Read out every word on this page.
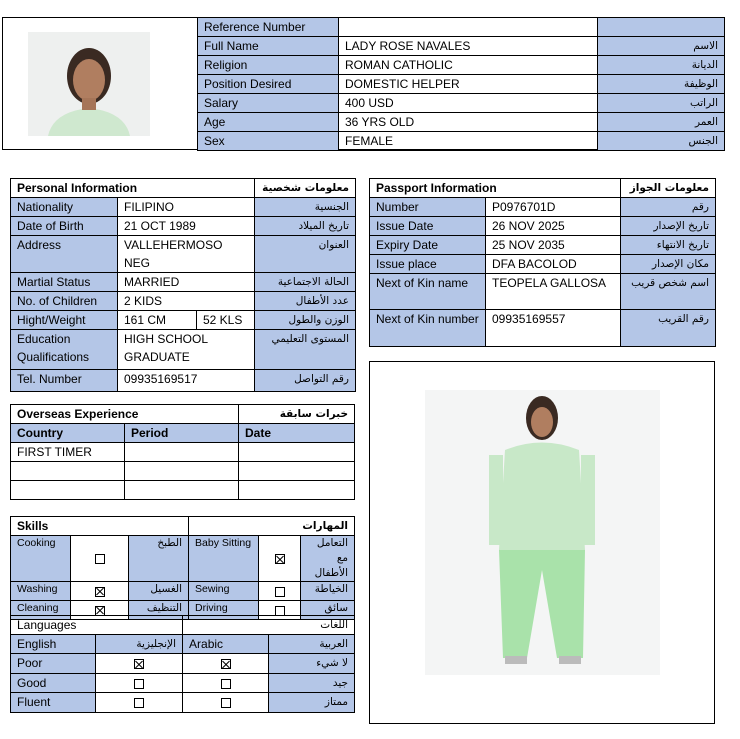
Reference Number		
Full Name	LADY ROSE NAVALES	الاسم
Religion	ROMAN CATHOLIC	الديانة
Position Desired	DOMESTIC HELPER	الوظيفة
Salary	400 USD	الراتب
Age	36 YRS OLD	العمر
Sex	FEMALE	الجنس
Personal Information			معلومات شخصية
Nationality	FILIPINO		الجنسية
Date of Birth	21 OCT 1989		تاريخ الميلاد
Address	VALLEHERMOSO NEG		العنوان
Martial Status	MARRIED		الحالة الاجتماعية
No. of Children	2 KIDS		عدد الأطفال
Hight/Weight	161 CM	52 KLS	الوزن والطول
Education Qualifications	HIGH SCHOOL GRADUATE		المستوى التعليمي
Tel. Number	09935169517		رقم التواصل
Passport Information		معلومات الجواز
Number	P0976701D	رقم
Issue Date	26 NOV 2025	تاريخ الإصدار
Expiry Date	25 NOV 2035	تاريخ الانتهاء
Issue place	DFA BACOLOD	مكان الإصدار
Next of Kin name	TEOPELA GALLOSA	اسم شخص قريب
Next of Kin number	09935169557	رقم القريب
Overseas Experience		خبرات سابقة
Country	Period	Date
FIRST TIMER		

Skills			المهارات		
Cooking		الطبخ	Baby Sitting		التعامل مع الأطفال
Washing		الغسيل	Sewing		الخياطة
Cleaning		التنظيف	Driving		سائق
Languages		اللغات	
English	الإنجليزية	Arabic	العربية
Poor			لا شيء
Good			جيد
Fluent			ممتاز
